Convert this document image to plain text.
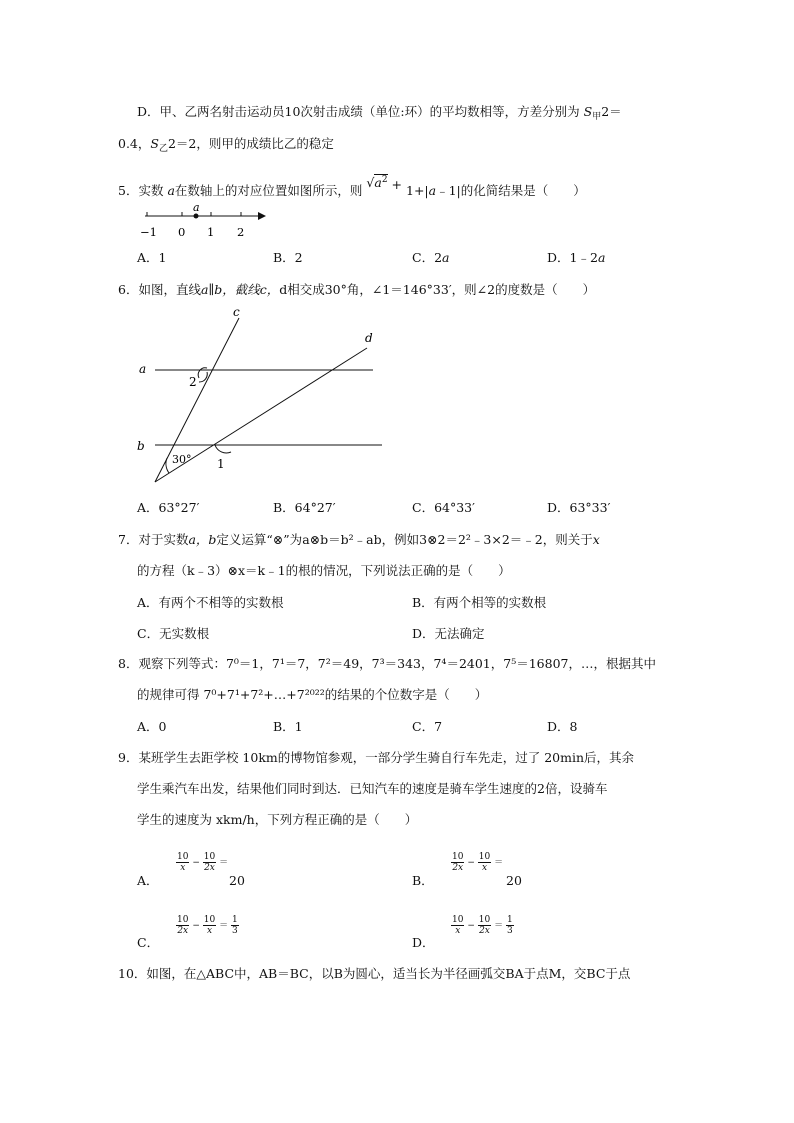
D．甲、乙两名射击运动员10次射击成绩（单位:环）的平均数相等，方差分别为 $S_甲2=$
0.4，$S_乙2=2$，则甲的成绩比乙的稳定
5．实数 a在数轴上的对应位置如图所示，则 $√a^2$ + 1+|a﹣1|的化简结果是（　　）
a
−1 0 1 2
A．1	B．2	C．2a	D．1﹣2a
6．如图，直线a∥b，截线c，d相交成30°角，∠1＝146°33′，则∠2的度数是（　　）
c
d
a
b
2
1
30°
A．63°27′	B．64°27′	C．64°33′	D．63°33′
7．对于实数a，b定义运算“⊗”为a⊗b＝b²﹣ab，例如3⊗2＝2²﹣3×2＝﹣2，则关于x
的方程（k﹣3）⊗x＝k﹣1的根的情况，下列说法正确的是（　　）
A．有两个不相等的实数根	B．有两个相等的实数根
C．无实数根	D．无法确定
8．观察下列等式：7⁰＝1，7¹＝7，7²＝49，7³＝343，7⁴＝2401，7⁵＝16807，…，根据其中
的规律可得 7⁰+7¹+7²+…+7²⁰²²的结果的个位数字是（　　）
A．0	B．1	C．7	D．8
9．某班学生去距学校 10km的博物馆参观，一部分学生骑自行车先走，过了 20min后，其余
学生乘汽车出发，结果他们同时到达．已知汽车的速度是骑车学生速度的2倍，设骑车
学生的速度为 xkm/h，下列方程正确的是（　　）
A．
$\frac{10}{x} - \frac{10}{2x}$ ＝
20	B．
$\frac{10}{2x} - \frac{10}{x}$ ＝
20
C．
$\frac{10}{2x} - \frac{10}{x} = \frac{1}{3}$
D．
$\frac{10}{x} - \frac{10}{2x} = \frac{1}{3}$
10．如图，在△ABC中，AB＝BC，以B为圆心，适当长为半径画弧交BA于点M，交BC于点
